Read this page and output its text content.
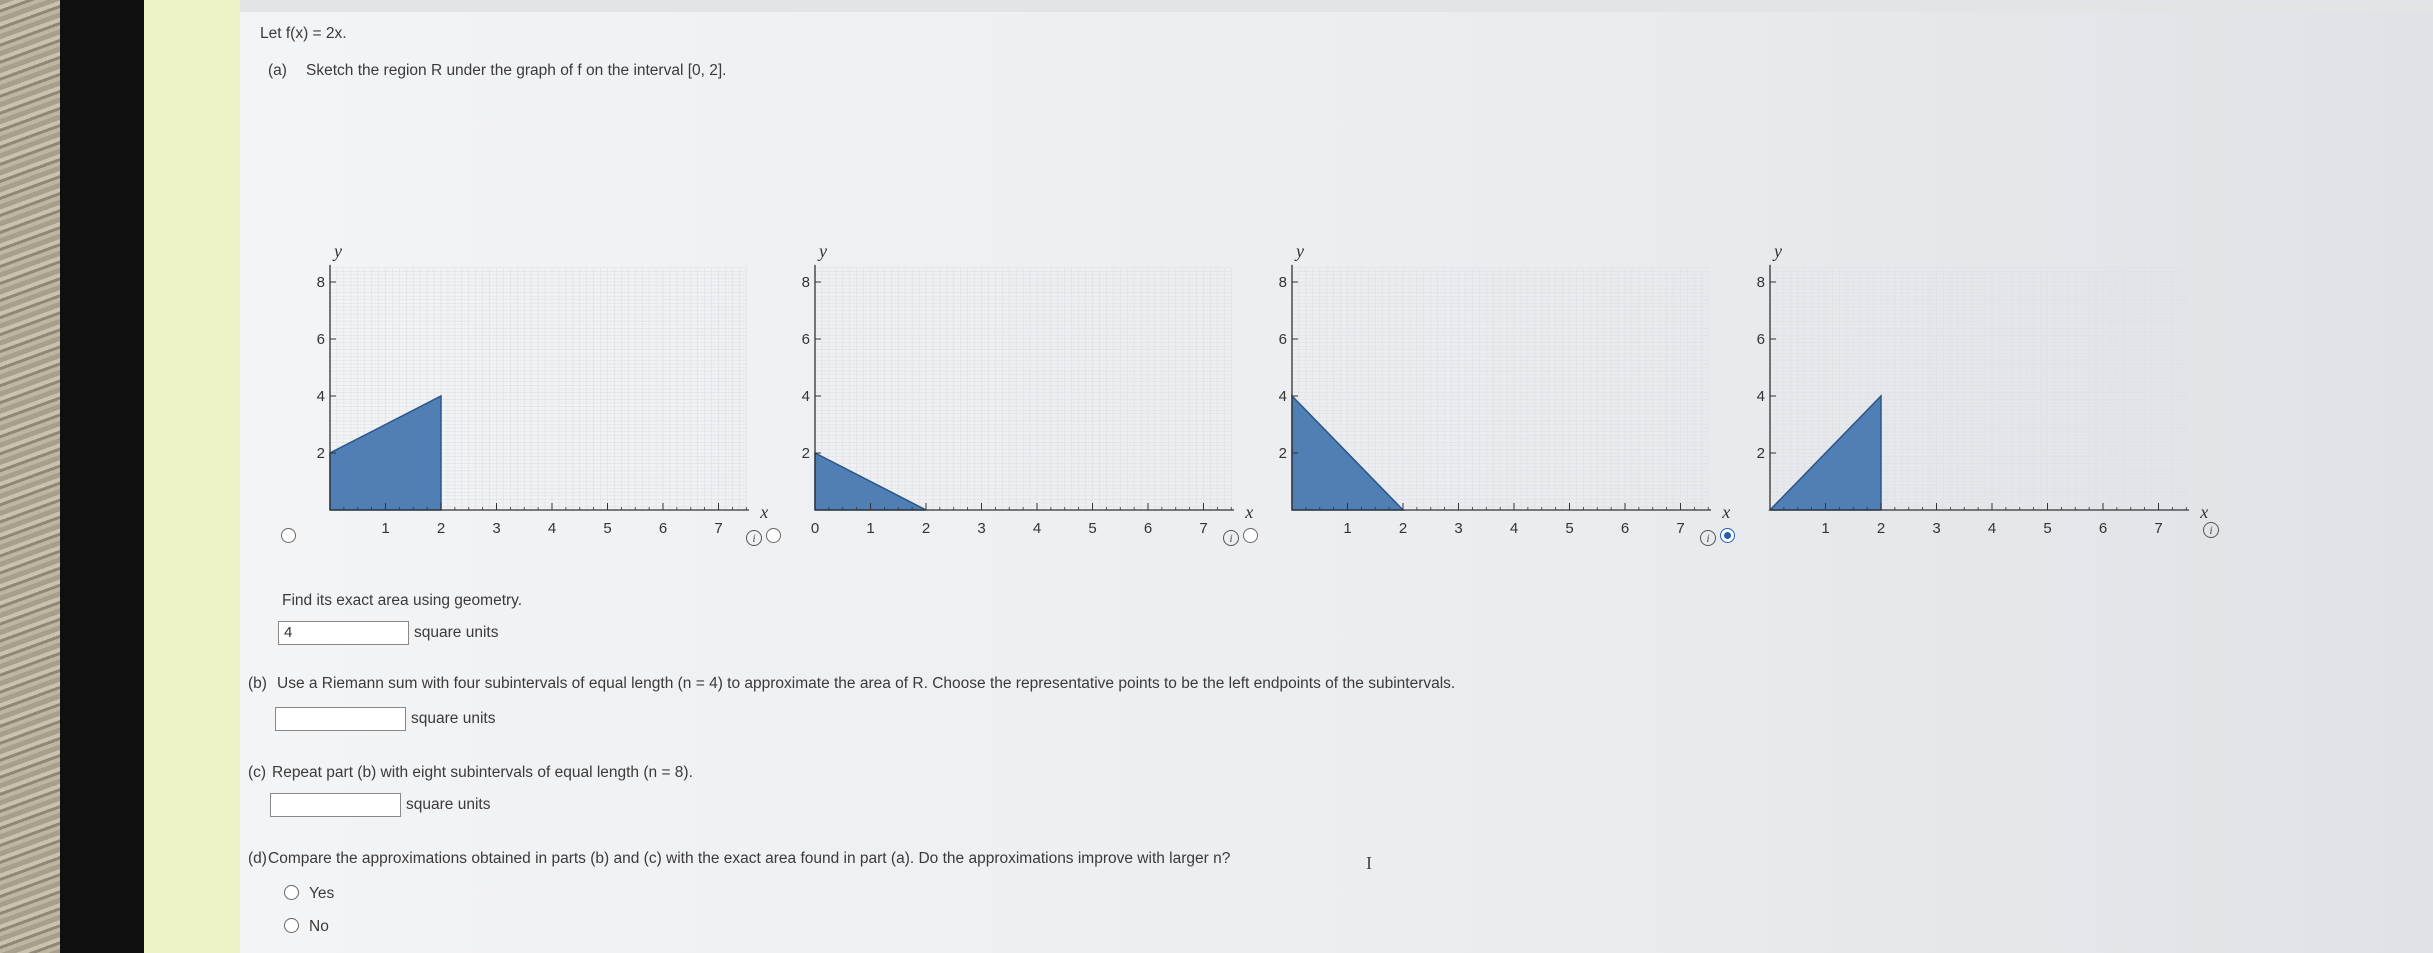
Let f(x) = 2x.
(a) Sketch the region R under the graph of f on the interval [0, 2].
1	2	3	4	5	6	7
2
4
6
8
x
y
i
0	1	2	3	4	5	6	7
2
4
6
8
x
y
i
1	2	3	4	5	6	7
2
4
6
8
x
y
i
1	2	3	4	5	6	7
2
4
6
8
x
y
i
Find its exact area using geometry.
4	square units
(b) Use a Riemann sum with four subintervals of equal length (n = 4) to approximate the area of R. Choose the representative points to be the left endpoints of the subintervals.
square units
(c) Repeat part (b) with eight subintervals of equal length (n = 8).
square units
(d) Compare the approximations obtained in parts (b) and (c) with the exact area found in part (a). Do the approximations improve with larger n?
Yes
No
I
